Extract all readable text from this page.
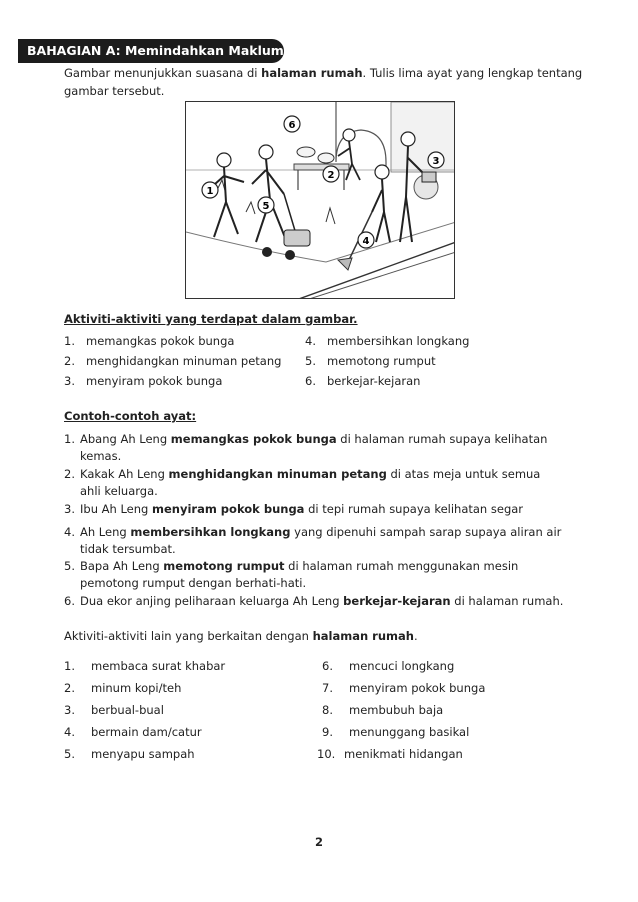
BAHAGIAN A: Memindahkan Maklumat
Gambar menunjukkan suasana di halaman rumah. Tulis lima ayat yang lengkap tentang gambar tersebut.
6
3
2
1
5
4
Aktiviti-aktiviti yang terdapat dalam gambar.
1. memangkas pokok bunga
2. menghidangkan minuman petang
3. menyiram pokok bunga
4. membersihkan longkang
5. memotong rumput
6. berkejar-kejaran
Contoh-contoh ayat:
1. Abang Ah Leng memangkas pokok bunga di halaman rumah supaya kelihatan kemas.
2. Kakak Ah Leng menghidangkan minuman petang di atas meja untuk semua ahli keluarga.
3. Ibu Ah Leng menyiram pokok bunga di tepi rumah supaya kelihatan segar
4. Ah Leng membersihkan longkang yang dipenuhi sampah sarap supaya aliran air tidak tersumbat.
5. Bapa Ah Leng memotong rumput di halaman rumah menggunakan mesin pemotong rumput dengan berhati-hati.
6. Dua ekor anjing peliharaan keluarga Ah Leng berkejar-kejaran di halaman rumah.
Aktiviti-aktiviti lain yang berkaitan dengan halaman rumah.
1.	membaca surat khabar
2.	minum kopi/teh
3.	berbual-bual
4.	bermain dam/catur
5.	menyapu sampah
6.	mencuci longkang
7.	menyiram pokok bunga
8.	membubuh baja
9.	menunggang basikal
10. menikmati hidangan
2
